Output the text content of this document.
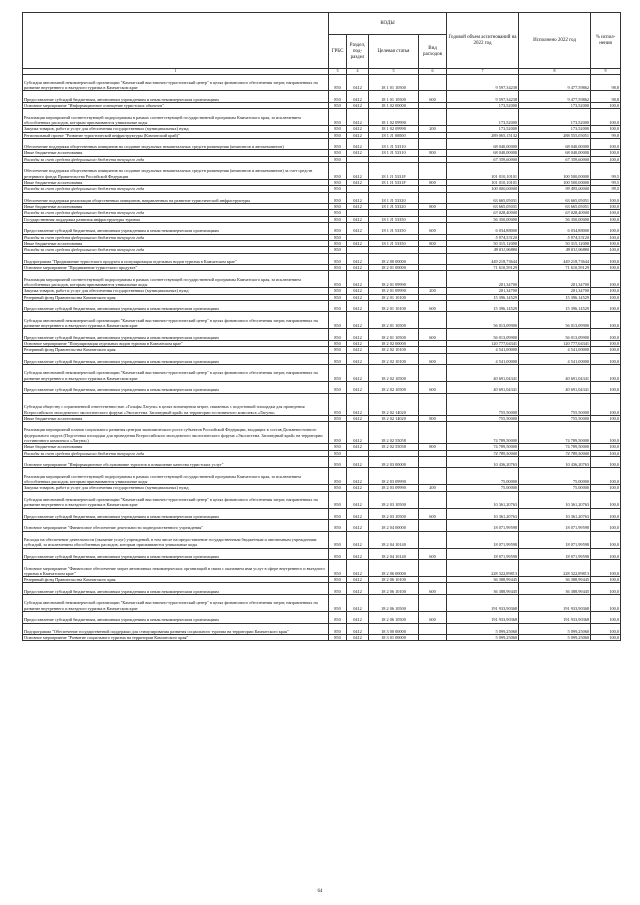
	КОДЫ				Годовой объем ассигнований на 2022 год	Исполнено 2022 год	% испол-нения
	ГРБС	Раздел, под-раздел	Целевая статья	Вид расходов			
1	3	4	5	6	7	8	9
Субсидия автономной некоммерческой организации "Камчатский выставочно-туристический центр" в целях финансового обеспечения затрат, направленных на развитие внутреннего и въездного туризма в Камчатском крае	850	0412	18 1 01 10500		9 597,34238	9 477,59862	98,8
Предоставление субсидий бюджетным, автономным учреждениям и иным некоммерческим организациям	850	0412	18 1 01 10500	600	9 597,34238	9 477,59862	98,8
Основное мероприятие "Информационное освещение туристских объектов"	850	0412	18 1 02 00000		173,52000	173,52000	100,0
Реализация мероприятий соответствующей подпрограммы в рамках соответствующей государственной программы Камчатского края, за исключением обособленных расходов, которым присваиваются уникальные коды	850	0412	18 1 02 09990		173,52000	173,52000	100,0
Закупка товаров, работ и услуг для обеспечения государственных (муниципальных) нужд	850	0412	18 1 02 09990	200	173,52000	173,52000	100,0
Региональный проект "Развитие туристической инфраструктуры (Камчатский край)"	850	0412	18 1 J1 00000		289 065,15132	288 555,05051	99,8
Обеспечение поддержки общественных инициатив на создание модульных некапитальных средств размещения (кемпингов и автокемпингов)	850	0412	18 1 J1 53310		68 040,00000	68 040,00000	100,0
Иные бюджетные ассигнования	850	0412	18 1 J1 53310	800	68 040,00000	68 040,00000	100,0
Расходы за счет средств федерального бюджета текущего года	850				67 359,60000	67 359,60000	100,0
Обеспечение поддержки общественных инициатив на создание модульных некапитальных средств размещения (кемпингов и автокемпингов) за счет средств резервного фонда Правительства Российской Федерации	850	0412	18 1 J1 5331F		101 010,10101	100 500,00000	99,5
Иные бюджетные ассигнования	850	0412	18 1 J1 5331F	800	101 010,10101	100 500,00000	99,5
Расходы за счет средств федерального бюджета текущего года	850				100 000,00000	99 495,00000	99,5
Обеспечение поддержки реализации общественных инициатив, направленных на развитие туристической инфраструктуры	850	0412	18 1 J1 53320		63 665,05031	63 665,05051	100,0
Иные бюджетные ассигнования	850	0412	18 1 J1 53320	800	63 665,05031	63 665,05051	100,0
Расходы за счет средств федерального бюджета текущего года	850				63 028,40000	63 028,40000	100,0
Государственная поддержка развития инфраструктуры туризма	850	0412	18 1 J1 53350		56 350,00000	56 350,00000	100,0
Предоставление субсидий бюджетным, автономным учреждениям и иным некоммерческим организациям	850	0412	18 1 J1 53350	600	6 034,88000	6 034,88000	100,0
Расходы за счет средств федерального бюджета текущего года	850				5 974,53120	5 974,53120	100,0
Иные бюджетные ассигнования	850	0412	18 1 J1 53350	800	50 315,12000	50 315,12000	100,0
Расходы за счет средств федерального бюджета текущего года	850				49 811,96880	49 811,96880	100,0
Подпрограмма "Продвижение туристского продукта и популяризация отдельных видов туризма в Камчатском крае"	850	0412	18 2 00 00000		449 218,73644	449 218,73644	100,0
Основное мероприятие "Продвижение туристского продукта"	850	0412	18 2 01 00000		71 610,59129	71 610,59129	100,0
Реализация мероприятий соответствующей подпрограммы в рамках соответствующей государственной программы Камчатского края, за исключением обособленных расходов, которым присваиваются уникальные коды	850	0412	18 2 01 09990		201,34700	201,34700	100,0
Закупка товаров, работ и услуг для обеспечения государственных (муниципальных) нужд	850	0412	18 2 01 09990	200	201,34700	201,34700	100,0
Резервный фонд Правительства Камчатского края	850	0412	18 2 01 10100		15 396,14529	15 396,14529	100,0
Предоставление субсидий бюджетным, автономным учреждениям и иным некоммерческим организациям	850	0412	18 2 01 10100	600	15 396,14529	15 396,14529	100,0
Субсидия автономной некоммерческой организации "Камчатский выставочно-туристический центр" в целях финансового обеспечения затрат, направленных на развитие внутреннего и въездного туризма в Камчатском крае	850	0412	18 2 01 10500		56 013,09900	56 013,09900	100,0
Предоставление субсидий бюджетным, автономным учреждениям и иным некоммерческим организациям	850	0412	18 2 01 10500	600	56 013,09900	56 013,09900	100,0
Основное мероприятие "Популяризация отдельных видов туризма в Камчатском крае"	850	0412	18 2 02 00000		120 777,04341	120 777,04341	100,0
Резервный фонд Правительства Камчатского края	850	0412	18 2 02 10100		4 541,00000	4 541,00000	100,0
Предоставление субсидий бюджетным, автономным учреждениям и иным некоммерческим организациям	850	0412	18 2 02 10100	600	4 541,00000	4 541,00000	100,0
Субсидия автономной некоммерческой организации "Камчатский выставочно-туристический центр" в целях финансового обеспечения затрат, направленных на развитие внутреннего и въездного туризма в Камчатском крае	850	0412	18 2 02 10500		40 691,04341	40 691,04341	100,0
Предоставление субсидий бюджетным, автономным учреждениям и иным некоммерческим организациям	850	0412	18 2 02 10500	600	40 691,04341	40 691,04341	100,0
Субсидия обществу с ограниченной ответственностью «Гольфы Лагуна» в целях возмещения затрат, связанных с подготовкой площадки для проведения Всероссийского молодежного экологического форума «Экосистема. Заповедный край» на территории гостиничного комплекса «Лагуна»	850	0412	18 2 02 14020		755,50000	755,50000	100,0
Иные бюджетные ассигнования	850	0412	18 2 02 14020	800	755,50000	755,50000	100,0
Реализация мероприятий планов социального развития центров экономического роста субъектов Российской Федерации, входящих в состав Дальневосточного федерального округа (Подготовка площадки для проведения Всероссийского молодежного экологического форума «Экосистема. Заповедный край» на территории гостиничного комплекса «Лагуна»)	850	0412	18 2 02 55058		74 789,50000	74 789,50000	100,0
Иные бюджетные ассигнования	850	0412	18 2 02 55058	800	74 789,50000	74 789,50000	100,0
Расходы за счет средств федерального бюджета текущего года	850				74 789,50000	74 789,50000	100,0
Основное мероприятие "Информационное обслуживание туристов и повышение качества туристских услуг"	850	0412	18 2 03 00000		10 436,20763	10 436,20763	100,0
Реализация мероприятий соответствующей подпрограммы в рамках соответствующей государственной программы Камчатского края, за исключением обособленных расходов, которым присваиваются уникальные коды	850	0412	18 2 03 09990		75,00000	75,00000	100,0
Закупка товаров, работ и услуг для обеспечения государственных (муниципальных) нужд	850	0412	18 2 03 09990	200	75,00000	75,00000	100,0
Субсидия автономной некоммерческой организации "Камчатский выставочно-туристический центр" в целях финансового обеспечения затрат, направленных на развитие внутреннего и въездного туризма в Камчатском крае	850	0412	18 2 03 10500		10 361,20763	10 361,20763	100,0
Предоставление субсидий бюджетным, автономным учреждениям и иным некоммерческим организациям	850	0412	18 2 03 10500	600	10 361,20763	10 361,20763	100,0
Основное мероприятие "Финансовое обеспечение деятельности подведомственного учреждения"	850	0412	18 2 04 00000		18 071,99598	18 071,99598	100,0
Расходы на обеспечение деятельности (оказание услуг) учреждений, в том числе на предоставление государственным бюджетным и автономным учреждениям субсидий, за исключением обособленных расходов, которым присваиваются уникальные коды	850	0412	18 2 04 10140		18 071,99598	18 071,99598	100,0
Предоставление субсидий бюджетным, автономным учреждениям и иным некоммерческим организациям	850	0412	18 2 04 10140	600	18 071,99598	18 071,99598	100,0
Основное мероприятие "Финансовое обеспечение затрат автономных некоммерческих организаций в связи с оказанием ими услуг в сфере внутреннего и въездного туризма в Камчатском крае"	850	0412	18 2 06 00000		228 322,89813	228 322,89813	100,0
Резервный фонд Правительства Камчатского края	850	0412	18 2 06 10100		36 388,99445	36 388,99445	100,0
Предоставление субсидий бюджетным, автономным учреждениям и иным некоммерческим организациям	850	0412	18 2 06 10100	600	36 388,99445	36 388,99445	100,0
Субсидия автономной некоммерческой организации "Камчатский выставочно-туристический центр" в целях финансового обеспечения затрат, направленных на развитие внутреннего и въездного туризма в Камчатском крае	850	0412	18 2 06 10500		191 933,90368	191 933,90368	100,0
Предоставление субсидий бюджетным, автономным учреждениям и иным некоммерческим организациям	850	0412	18 2 06 10500	600	191 933,90368	191 933,90368	100,0
Подпрограмма "Обеспечение государственной поддержки для стимулирования развития социального туризма на территории Камчатского края"	850	0412	18 3 00 00000		5 099,25060	5 099,25060	100,0
Основное мероприятие "Развитие социального туризма на территории Камчатского края"	850	0412	18 3 01 00000		5 099,25060	5 099,25060	100,0
64
